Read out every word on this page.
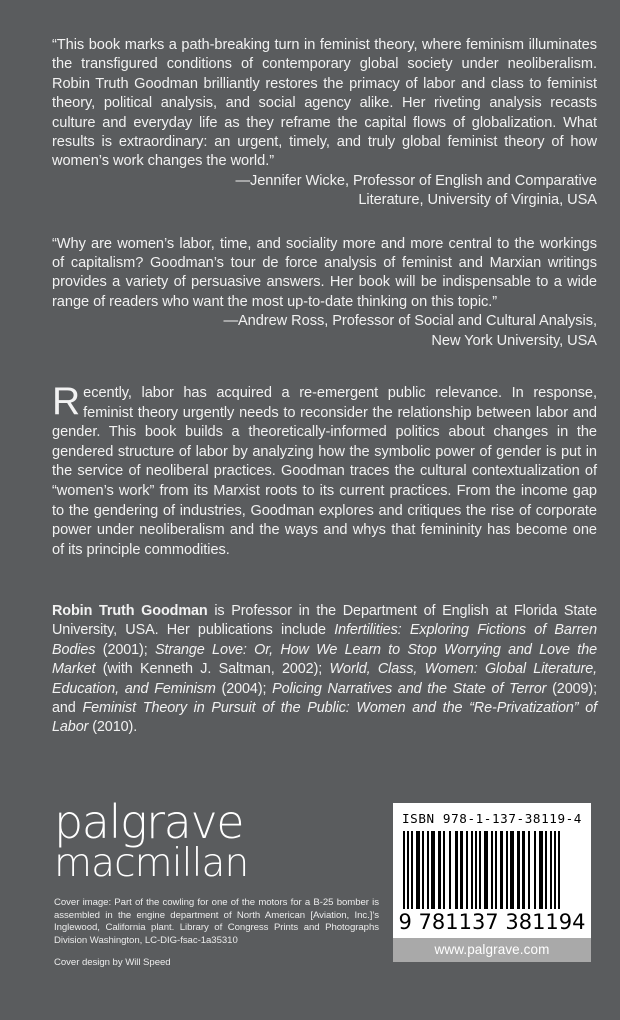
“This book marks a path-breaking turn in feminist theory, where feminism illuminates the transfigured conditions of contemporary global society under neoliberalism. Robin Truth Goodman brilliantly restores the primacy of labor and class to feminist theory, political analysis, and social agency alike. Her riveting analysis recasts culture and everyday life as they reframe the capital flows of globalization. What results is extraordinary: an urgent, timely, and truly global feminist theory of how women’s work changes the world.”

—Jennifer Wicke, Professor of English and Comparative

Literature, University of Virginia, USA

“Why are women’s labor, time, and sociality more and more central to the workings of capitalism? Goodman’s tour de force analysis of feminist and Marxian writings provides a variety of persuasive answers. Her book will be indispensable to a wide range of readers who want the most up-to-date thinking on this topic.”

—Andrew Ross, Professor of Social and Cultural Analysis,

New York University, USA

R ecently, labor has acquired a re-emergent public relevance. In response, feminist theory urgently needs to reconsider the relationship between labor and gender. This book builds a theoretically-informed politics about changes in the gendered structure of labor by analyzing how the symbolic power of gender is put in the service of neoliberal practices. Goodman traces the cultural contextualization of “women’s work” from its Marxist roots to its current practices. From the income gap to the gendering of industries, Goodman explores and critiques the rise of corporate power under neoliberalism and the ways and whys that femininity has become one of its principle commodities.

Robin Truth Goodman is Professor in the Department of English at Florida State University, USA. Her publications include Infertilities: Exploring Fictions of Barren Bodies (2001); Strange Love: Or, How We Learn to Stop Worrying and Love the Market (with Kenneth J. Saltman, 2002); World, Class, Women: Global Literature, Education, and Feminism (2004); Policing Narratives and the State of Terror (2009); and Feminist Theory in Pursuit of the Public: Women and the “Re-Privatization” of Labor (2010).

palgrave
macmillan

Cover image: Part of the cowling for one of the motors for a B-25 bomber is assembled in the engine department of North American [Aviation, Inc.]’s Inglewood, California plant. Library of Congress Prints and Photographs Division Washington, LC-DIG-fsac-1a35310

Cover design by Will Speed

ISBN 978-1-137-38119-4
9 781137 381194
www.palgrave.com
